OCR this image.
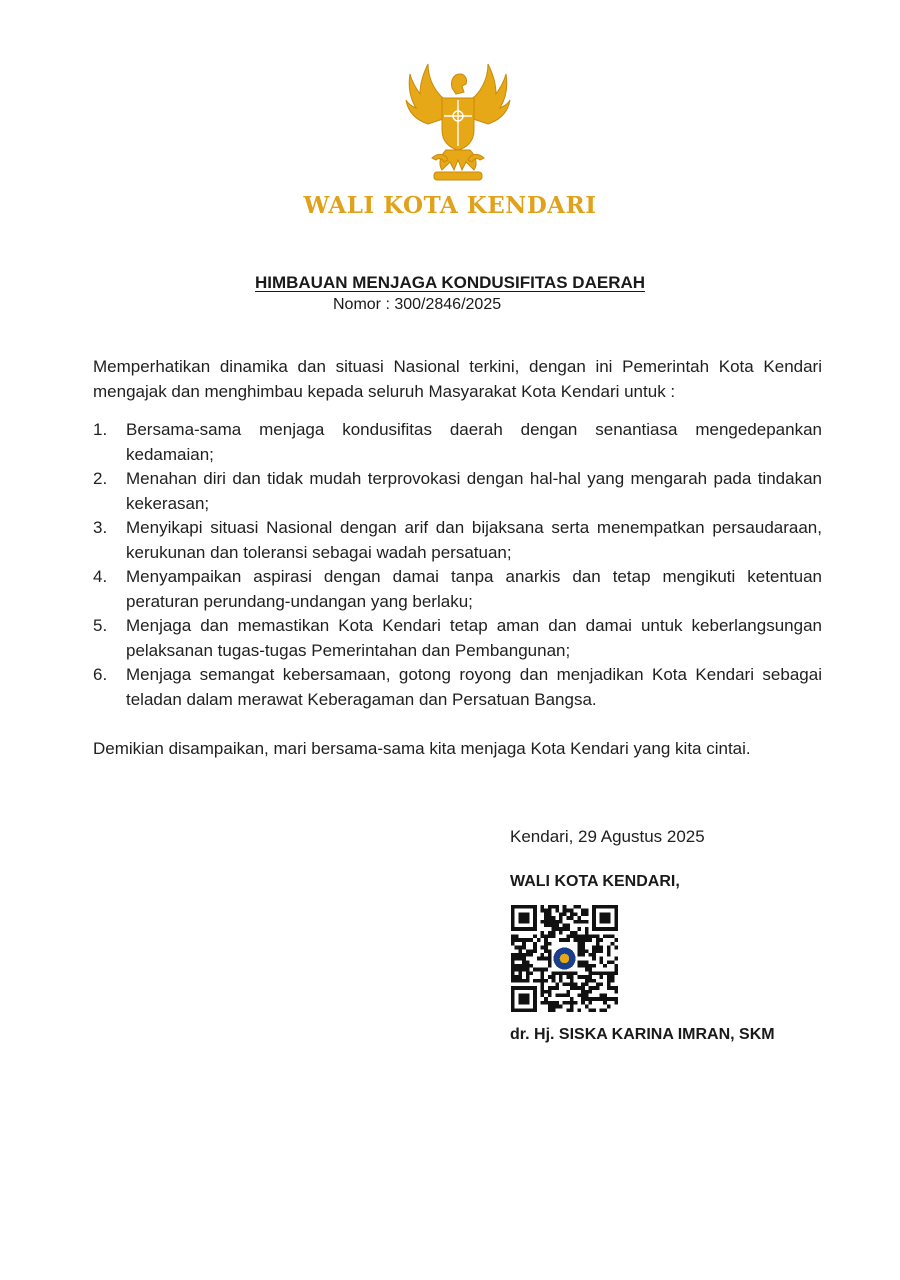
WALI KOTA KENDARI
HIMBAUAN MENJAGA KONDUSIFITAS DAERAH
Nomor : 300/2846/2025
Memperhatikan dinamika dan situasi Nasional terkini, dengan ini Pemerintah Kota Kendari mengajak dan menghimbau kepada seluruh Masyarakat Kota Kendari untuk :
1. Bersama-sama menjaga kondusifitas daerah dengan senantiasa mengedepankan kedamaian;
2. Menahan diri dan tidak mudah terprovokasi dengan hal-hal yang mengarah pada tindakan kekerasan;
3. Menyikapi situasi Nasional dengan arif dan bijaksana serta menempatkan persaudaraan, kerukunan dan toleransi sebagai wadah persatuan;
4. Menyampaikan aspirasi dengan damai tanpa anarkis dan tetap mengikuti ketentuan peraturan perundang-undangan yang berlaku;
5. Menjaga dan memastikan Kota Kendari tetap aman dan damai untuk keberlangsungan pelaksanan tugas-tugas Pemerintahan dan Pembangunan;
6. Menjaga semangat kebersamaan, gotong royong dan menjadikan Kota Kendari sebagai teladan dalam merawat Keberagaman dan Persatuan Bangsa.
Demikian disampaikan, mari bersama-sama kita menjaga Kota Kendari yang kita cintai.
Kendari, 29 Agustus 2025
WALI KOTA KENDARI,
dr. Hj. SISKA KARINA IMRAN, SKM
